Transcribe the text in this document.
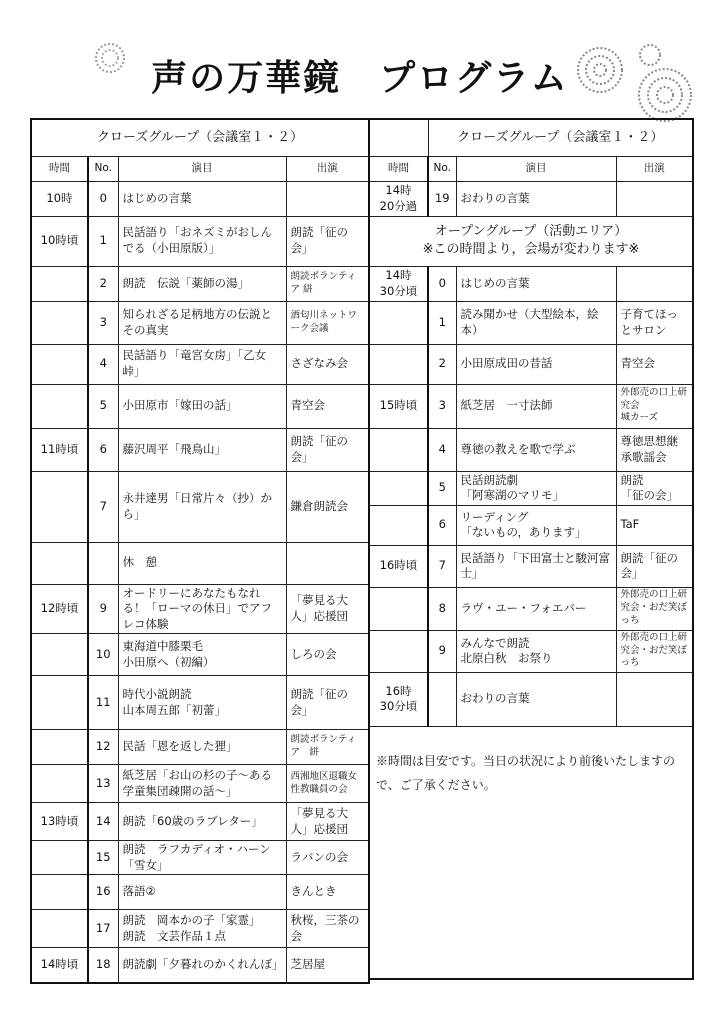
声の万華鏡　プログラム
クローズグループ（会議室１・２）			
時間	No.	演目	出演
10時	0	はじめの言葉	
10時頃	1	民話語り「おネズミがおしんでる（小田原版）」	朗読「征の会」
	2	朗読　伝説「薬師の湯」	朗読ボランティア 絣
	3	知られざる足柄地方の伝説とその真実	酒匂川ネットワーク会議
	4	民話語り「竜宮女房」「乙女峠」	さざなみ会
	5	小田原市「嫁田の話」	青空会
11時頃	6	藤沢周平「飛鳥山」	朗読「征の会」
	7	永井達男「日常片々（抄）から」	鎌倉朗読会
		休　憩	
12時頃	9	オードリーにあなたもなれる！「ローマの休日」でアフレコ体験	「夢見る大人」応援団
	10	東海道中膝栗毛
小田原へ（初編）	しろの会
	11	時代小説朗読
山本周五郎「初蕾」	朗読「征の会」
	12	民話「恩を返した狸」	朗読ボランティア　絣
	13	紙芝居「お山の杉の子～ある学童集団疎開の話～」	西湘地区退職女性教職員の会
13時頃	14	朗読「60歳のラブレター」	「夢見る大人」応援団
	15	朗読　ラフカディオ・ハーン「雪女」	ラバンの会
	16	落語②	きんとき
	17	朗読　岡本かの子「家霊」
朗読　文芸作品１点	秋桜，三茶の会
14時頃	18	朗読劇「夕暮れのかくれんぼ」	芝居屋
	クローズグループ（会議室１・２）		
時間	No.	演目	出演
14時
20分過	19	おわりの言葉	
オープングループ（活動エリア）
※この時間より，会場が変わります※			
14時
30分頃	0	はじめの言葉	
	1	読み聞かせ（大型絵本，絵本）	子育てほっとサロン
	2	小田原成田の昔話	青空会
15時頃	3	紙芝居　一寸法師	外郎売の口上研究会
城カーズ
	4	尊徳の教えを歌で学ぶ	尊徳思想継承歌謡会
	5	民話朗読劇
「阿寒湖のマリモ」	朗読
「征の会」
	6	リーディング
「ないもの，あります」	TaF
16時頃	7	民話語り「下田富士と駿河富士」	朗読「征の会」
	8	ラヴ・ユー・フォエバー	外郎売の口上研究会・おだ笑ぼっち
	9	みんなで朗読
北原白秋　お祭り	外郎売の口上研究会・おだ笑ぼっち
16時
30分頃		おわりの言葉	
※時間は目安です。当日の状況により前後いたしますので、ご了承ください。			
